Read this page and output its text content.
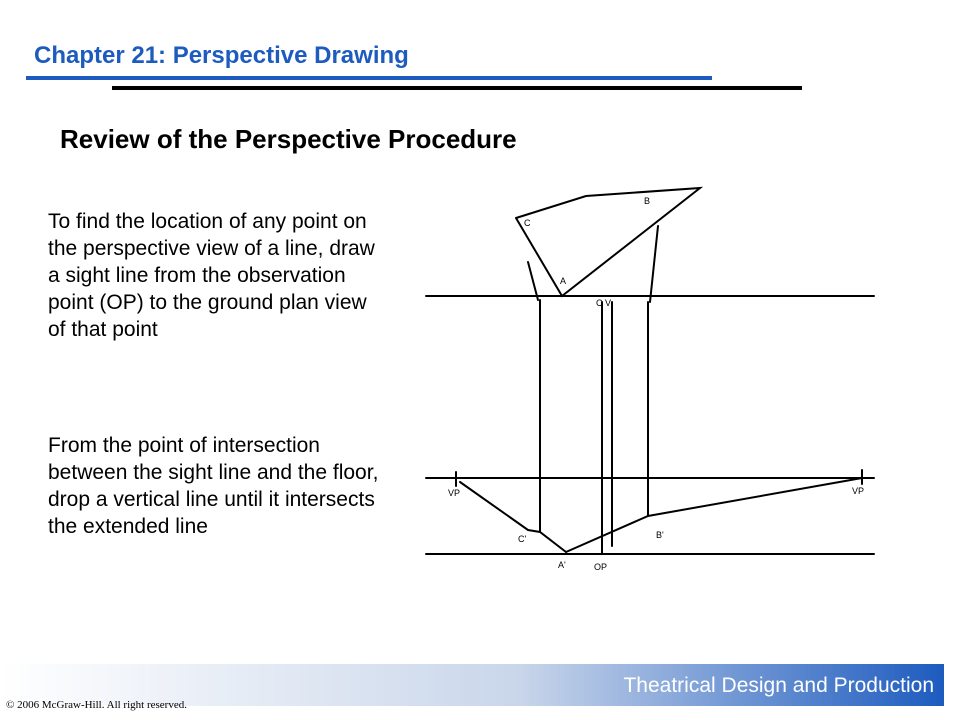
Chapter 21: Perspective Drawing
Review of the Perspective Procedure

To find the location of any point on the perspective view of a line, draw a sight line from the observation point (OP) to the ground plan view of that point

From the point of intersection between the sight line and the floor, drop a vertical line until it intersects the extended line

C
B
A
C V
VP	VP
C'	B'
A'	OP
Theatrical Design and Production
© 2006 McGraw-Hill. All right reserved.
